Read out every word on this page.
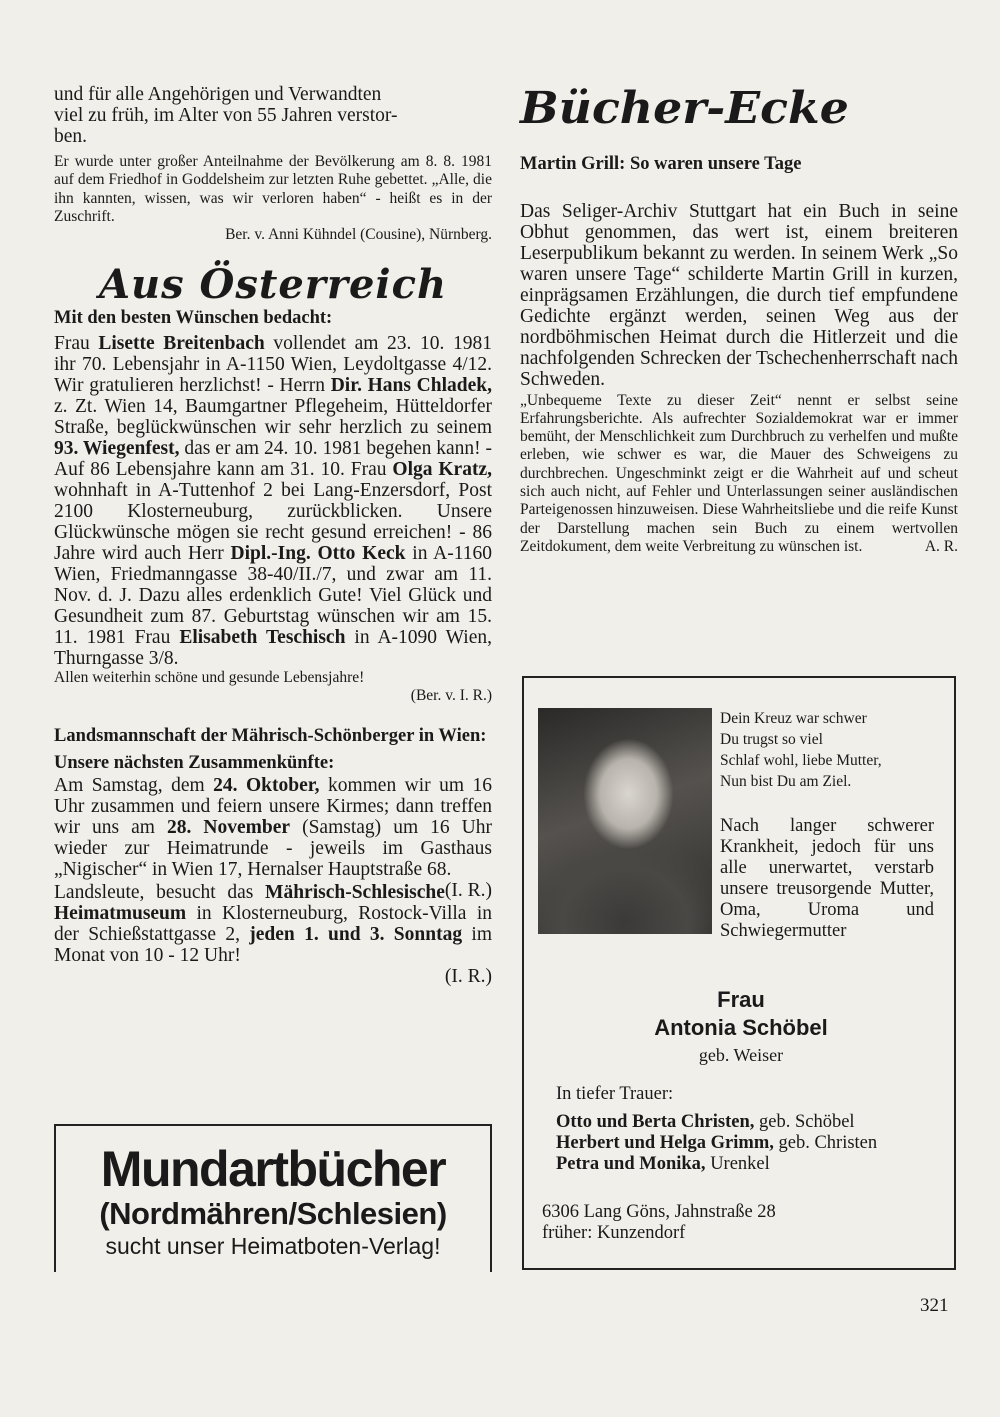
und für alle Angehörigen und Verwandten

viel zu früh, im Alter von 55 Jahren verstor-

ben.

Er wurde unter großer Anteilnahme der Bevölkerung am 8. 8. 1981 auf dem Friedhof in Goddelsheim zur letzten Ruhe gebettet. „Alle, die ihn kannten, wissen, was wir verloren haben“ - heißt es in der Zuschrift.

Ber. v. Anni Kühndel (Cousine), Nürnberg.

Aus Österreich

Mit den besten Wünschen bedacht:

Frau Lisette Breitenbach vollendet am 23. 10. 1981 ihr 70. Lebensjahr in A-1150 Wien, Leydoltgasse 4/12. Wir gratulieren herzlichst! - Herrn Dir. Hans Chladek, z. Zt. Wien 14, Baumgartner Pflegeheim, Hütteldorfer Straße, beglückwünschen wir sehr herzlich zu seinem 93. Wiegenfest, das er am 24. 10. 1981 begehen kann! - Auf 86 Lebensjahre kann am 31. 10. Frau Olga Kratz, wohnhaft in A-Tuttenhof 2 bei Lang-Enzersdorf, Post 2100 Klosterneuburg, zurückblicken. Unsere Glückwünsche mögen sie recht gesund erreichen! - 86 Jahre wird auch Herr Dipl.-Ing. Otto Keck in A-1160 Wien, Friedmanngasse 38-40/II./7, und zwar am 11. Nov. d. J. Dazu alles erdenklich Gute! Viel Glück und Gesundheit zum 87. Geburtstag wünschen wir am 15. 11. 1981 Frau Elisabeth Teschisch in A-1090 Wien, Thurngasse 3/8.

Allen weiterhin schöne und gesunde Lebensjahre!

(Ber. v. I. R.)

Landsmannschaft der Mährisch-Schönberger in Wien:

Unsere nächsten Zusammenkünfte:

Am Samstag, dem 24. Oktober, kommen wir um 16 Uhr zusammen und feiern unsere Kirmes; dann treffen wir uns am 28. November (Samstag) um 16 Uhr wieder zur Heimatrunde - jeweils im Gasthaus „Nigischer“ in Wien 17, Hernalser Hauptstraße 68.
(I. R.)

Landsleute, besucht das Mährisch-Schlesische Heimatmuseum in Klosterneuburg, Rostock-Villa in der Schießstattgasse 2, jeden 1. und 3. Sonntag im Monat von 10 - 12 Uhr!

(I. R.)

Mundartbücher
(Nordmähren/Schlesien)
sucht unser Heimatboten-Verlag!
Bücher-Ecke

Martin Grill: So waren unsere Tage

Das Seliger-Archiv Stuttgart hat ein Buch in seine Obhut genommen, das wert ist, einem breiteren Leserpublikum bekannt zu werden. In seinem Werk „So waren unsere Tage“ schilderte Martin Grill in kurzen, einprägsamen Erzählungen, die durch tief empfundene Gedichte ergänzt werden, seinen Weg aus der nordböhmischen Heimat durch die Hitlerzeit und die nachfolgenden Schrecken der Tschechenherrschaft nach Schweden.

„Unbequeme Texte zu dieser Zeit“ nennt er selbst seine Erfahrungsberichte. Als aufrechter Sozialdemokrat war er immer bemüht, der Menschlichkeit zum Durchbruch zu verhelfen und mußte erleben, wie schwer es war, die Mauer des Schweigens zu durchbrechen. Ungeschminkt zeigt er die Wahrheit auf und scheut sich auch nicht, auf Fehler und Unterlassungen seiner ausländischen Parteigenossen hinzuweisen. Diese Wahrheitsliebe und die reife Kunst der Darstellung machen sein Buch zu einem wertvollen Zeitdokument, dem weite Verbreitung zu wünschen ist.	A. R.

Dein Kreuz war schwer
Du trugst so viel
Schlaf wohl, liebe Mutter,
Nun bist Du am Ziel.

Nach langer schwerer Krankheit, jedoch für uns alle unerwartet, verstarb unsere treusorgende Mutter, Oma, Uroma und Schwiegermutter

Frau
Antonia Schöbel
geb. Weiser
In tiefer Trauer:
Otto und Berta Christen, geb. Schöbel
Herbert und Helga Grimm, geb. Christen
Petra und Monika, Urenkel
6306 Lang Göns, Jahnstraße 28
früher: Kunzendorf
321
